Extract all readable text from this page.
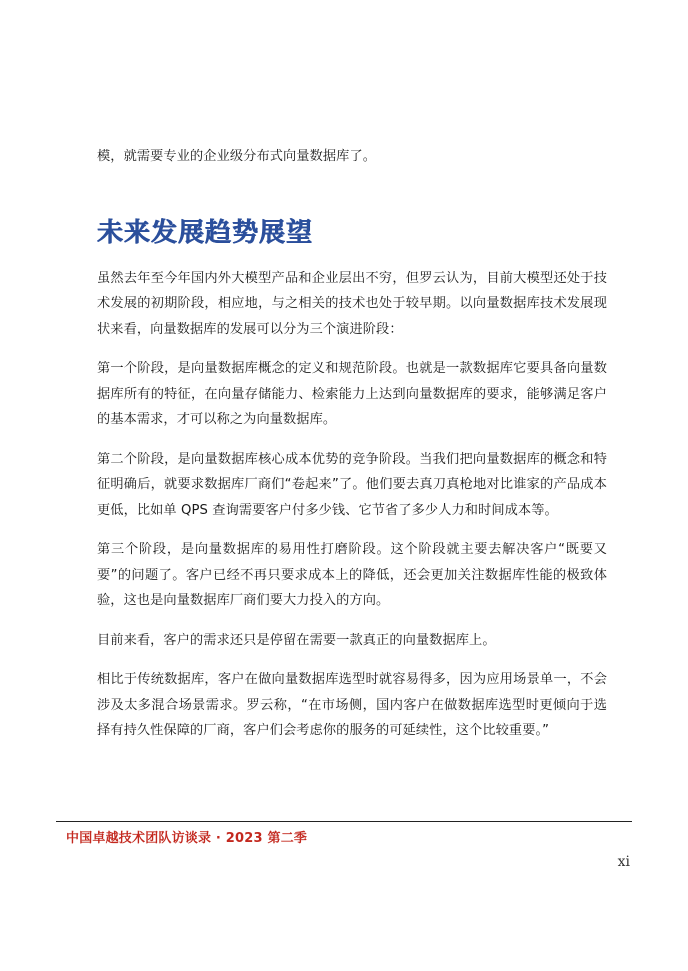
模，就需要专业的企业级分布式向量数据库了。

未来发展趋势展望

虽然去年至今年国内外大模型产品和企业层出不穷，但罗云认为，目前大模型还处于技术发展的初期阶段，相应地，与之相关的技术也处于较早期。以向量数据库技术发展现状来看，向量数据库的发展可以分为三个演进阶段：

第一个阶段，是向量数据库概念的定义和规范阶段。也就是一款数据库它要具备向量数据库所有的特征，在向量存储能力、检索能力上达到向量数据库的要求，能够满足客户的基本需求，才可以称之为向量数据库。

第二个阶段，是向量数据库核心成本优势的竞争阶段。当我们把向量数据库的概念和特征明确后，就要求数据库厂商们“卷起来”了。他们要去真刀真枪地对比谁家的产品成本更低，比如单 QPS 查询需要客户付多少钱、它节省了多少人力和时间成本等。

第三个阶段，是向量数据库的易用性打磨阶段。这个阶段就主要去解决客户“既要又要”的问题了。客户已经不再只要求成本上的降低，还会更加关注数据库性能的极致体验，这也是向量数据库厂商们要大力投入的方向。

目前来看，客户的需求还只是停留在需要一款真正的向量数据库上。

相比于传统数据库，客户在做向量数据库选型时就容易得多，因为应用场景单一，不会涉及太多混合场景需求。罗云称，“在市场侧，国内客户在做数据库选型时更倾向于选择有持久性保障的厂商，客户们会考虑你的服务的可延续性，这个比较重要。”

中国卓越技术团队访谈录 · 2023 第二季
xi
